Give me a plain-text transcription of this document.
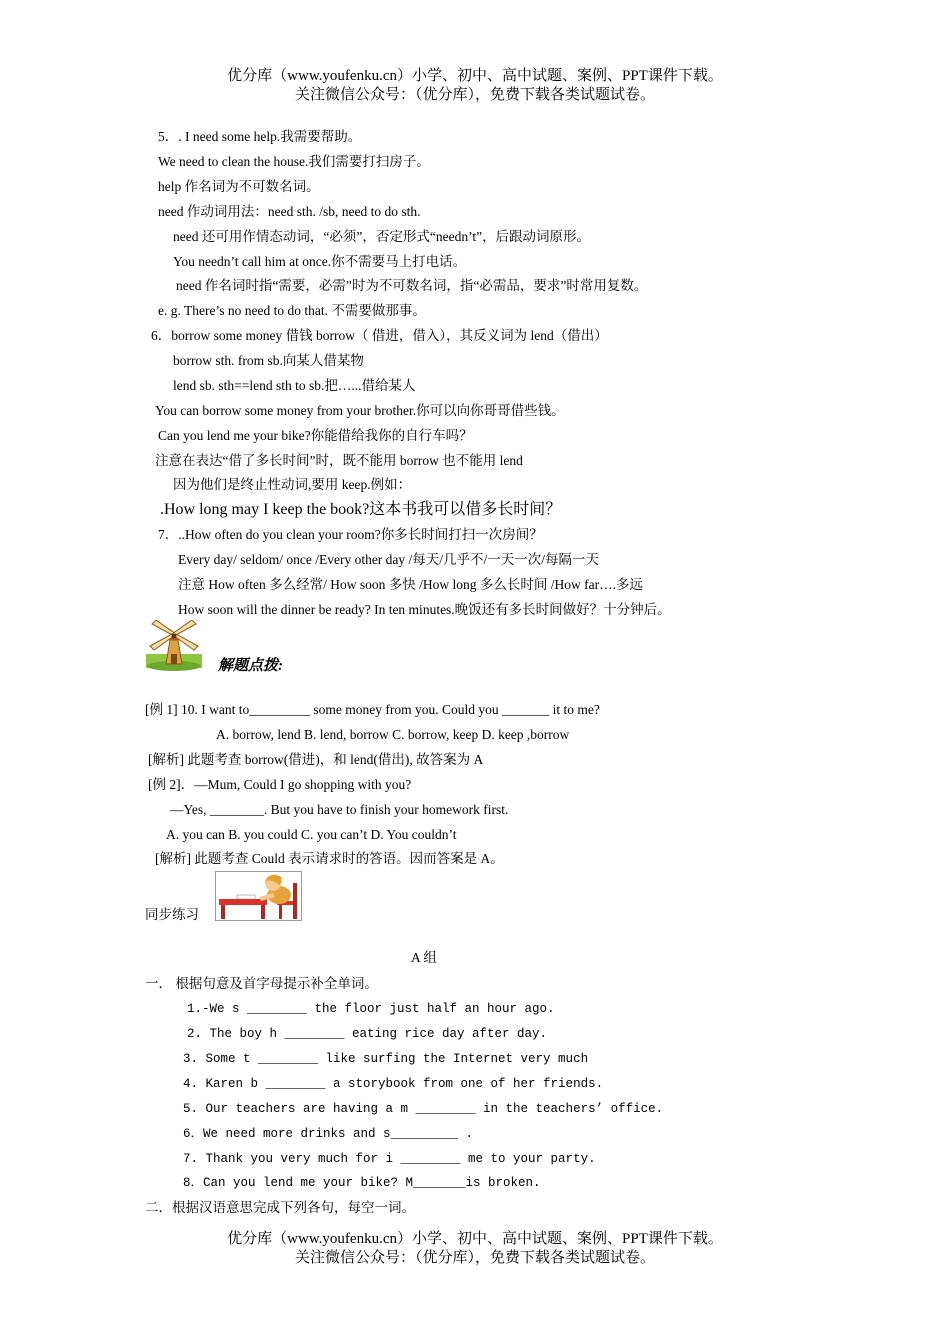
优分库（www.youfenku.cn）小学、初中、高中试题、案例、PPT课件下载。
关注微信公众号：（优分库），免费下载各类试题试卷。
5．. I need some help.我需要帮助。
We need to clean the house.我们需要打扫房子。
help 作名词为不可数名词。
need 作动词用法：need sth. /sb, need to do sth.
need 还可用作情态动词，“必须”，否定形式“needn’t”，后跟动词原形。
You needn’t call him at once.你不需要马上打电话。
need 作名词时指“需要，必需”时为不可数名词，指“必需品，要求”时常用复数。
e. g. There’s no need to do that. 不需要做那事。
6．borrow some money 借钱 borrow（ 借进，借入），其反义词为 lend（借出）
borrow sth. from sb.向某人借某物
lend sb. sth==lend sth to sb.把…...借给某人
You can borrow some money from your brother.你可以向你哥哥借些钱。
Can you lend me your bike?你能借给我你的自行车吗？
注意在表达“借了多长时间”时，既不能用 borrow 也不能用 lend
因为他们是终止性动词,要用 keep.例如：
.How long may I keep the book?这本书我可以借多长时间？
7．..How often do you clean your room?你多长时间打扫一次房间？
Every day/ seldom/ once /Every other day /每天/几乎不/一天一次/每隔一天
注意 How often 多么经常/ How soon 多快 /How long 多么长时间 /How far….多远
How soon will the dinner be ready? In ten minutes.晚饭还有多长时间做好？十分钟后。
解题点拨:
[例 1] 10. I want to_________ some money from you. Could you _______ it to me?
A. borrow, lend B. lend, borrow C. borrow, keep D. keep ,borrow
[解析] 此题考查 borrow(借进)，和 lend(借出), 故答案为 A
[例 2]．—Mum, Could I go shopping with you?
—Yes, ________. But you have to finish your homework first.
A. you can B. you could C. you can’t D. You couldn’t
[解析] 此题考查 Could 表示请求时的答语。因而答案是 A。
同步练习
A 组
一． 根据句意及首字母提示补全单词。
1.-We s ________ the floor just half an hour ago.
2. The boy h ________ eating rice day after day.
3. Some t ________ like surfing the Internet very much
4. Karen b ________ a storybook from one of her friends.
5. Our teachers are having a m ________ in the teachers’ office.
6．We need more drinks and s_________ .
7. Thank you very much for i ________ me to your party.
8．Can you lend me your bike? M_______is broken.
二．根据汉语意思完成下列各句，每空一词。
优分库（www.youfenku.cn）小学、初中、高中试题、案例、PPT课件下载。
关注微信公众号：（优分库），免费下载各类试题试卷。
